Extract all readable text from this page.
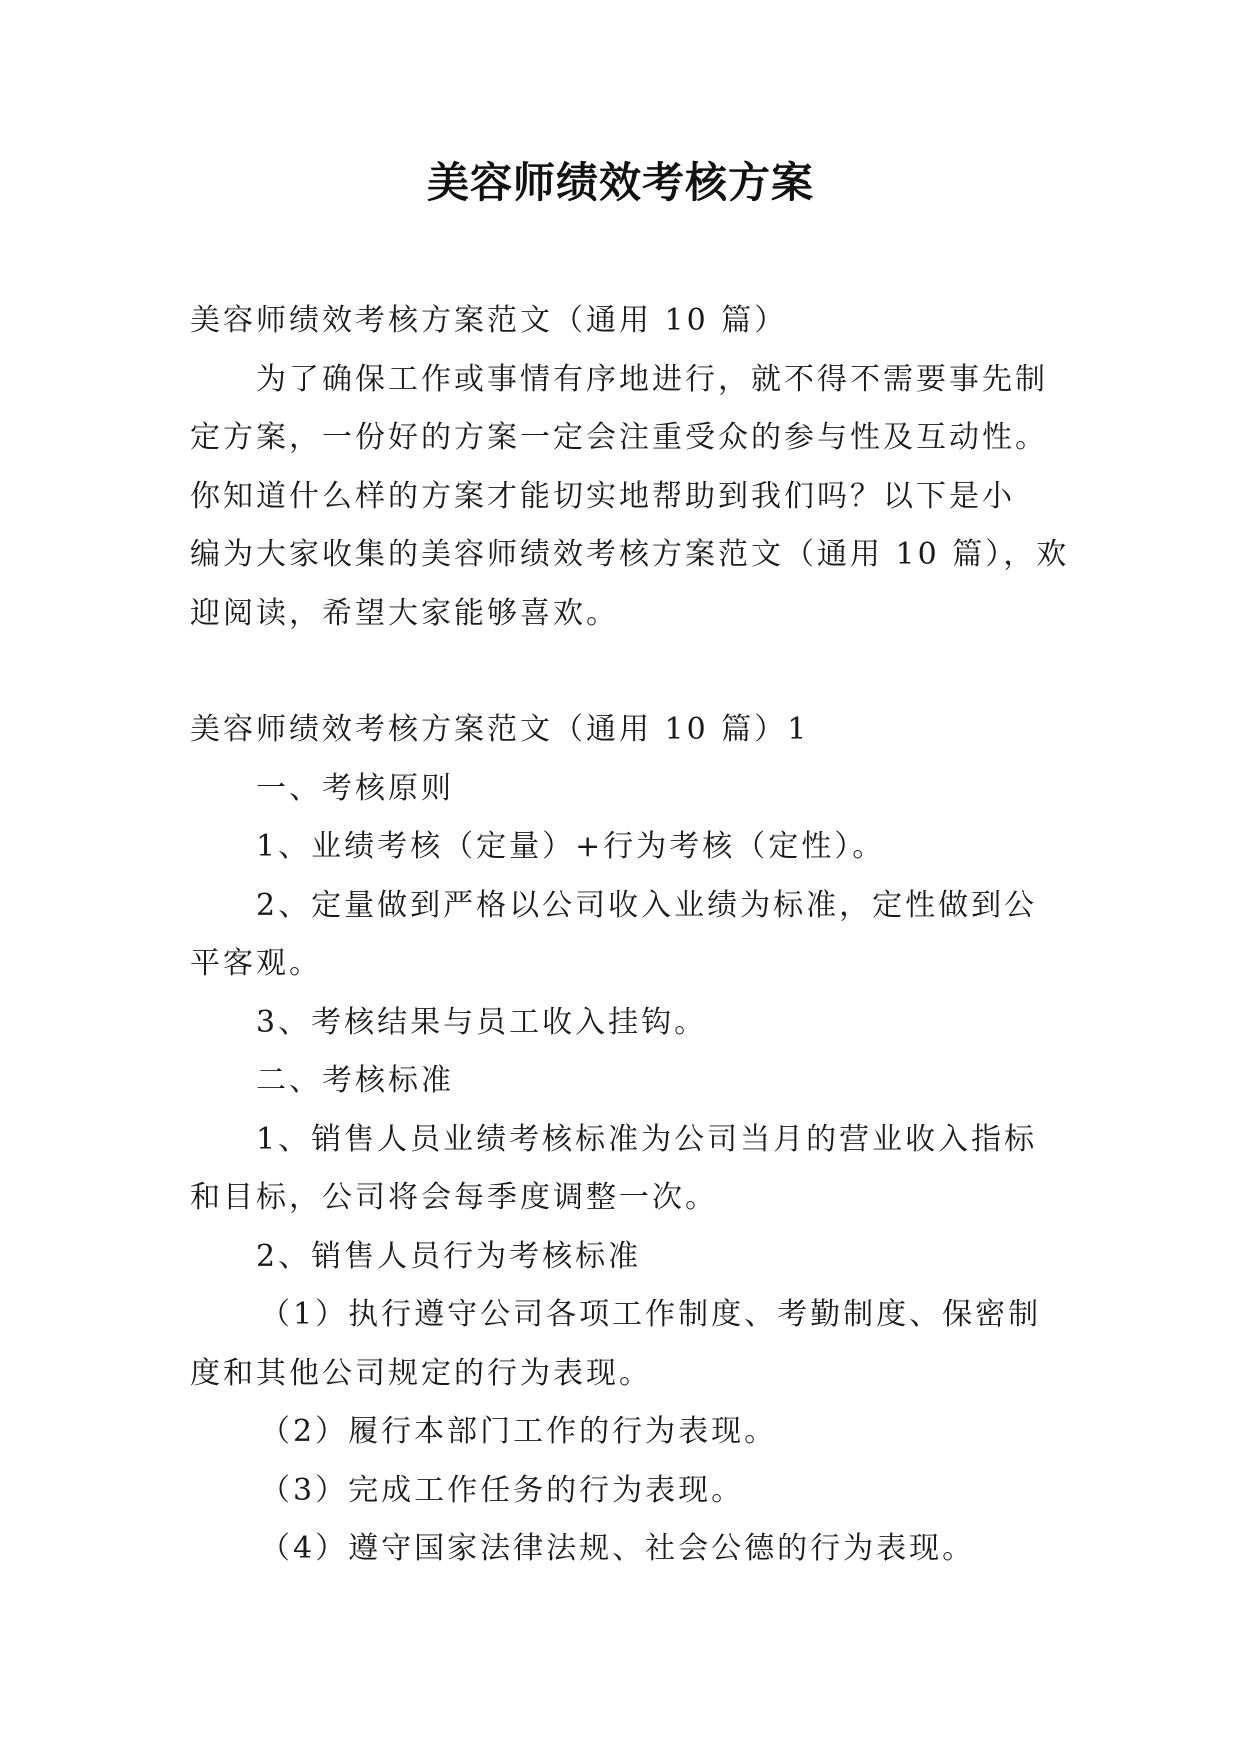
美容师绩效考核方案

美容师绩效考核方案范文（通用 10 篇）

为了确保工作或事情有序地进行，就不得不需要事先制

定方案，一份好的方案一定会注重受众的参与性及互动性。

你知道什么样的方案才能切实地帮助到我们吗？以下是小

编为大家收集的美容师绩效考核方案范文（通用 10 篇），欢

迎阅读，希望大家能够喜欢。

美容师绩效考核方案范文（通用 10 篇）1

一、考核原则

1、业绩考核（定量）+行为考核（定性）。

2、定量做到严格以公司收入业绩为标准，定性做到公

平客观。

3、考核结果与员工收入挂钩。

二、考核标准

1、销售人员业绩考核标准为公司当月的营业收入指标

和目标，公司将会每季度调整一次。

2、销售人员行为考核标准

（1）执行遵守公司各项工作制度、考勤制度、保密制

度和其他公司规定的行为表现。

（2）履行本部门工作的行为表现。

（3）完成工作任务的行为表现。

（4）遵守国家法律法规、社会公德的行为表现。
